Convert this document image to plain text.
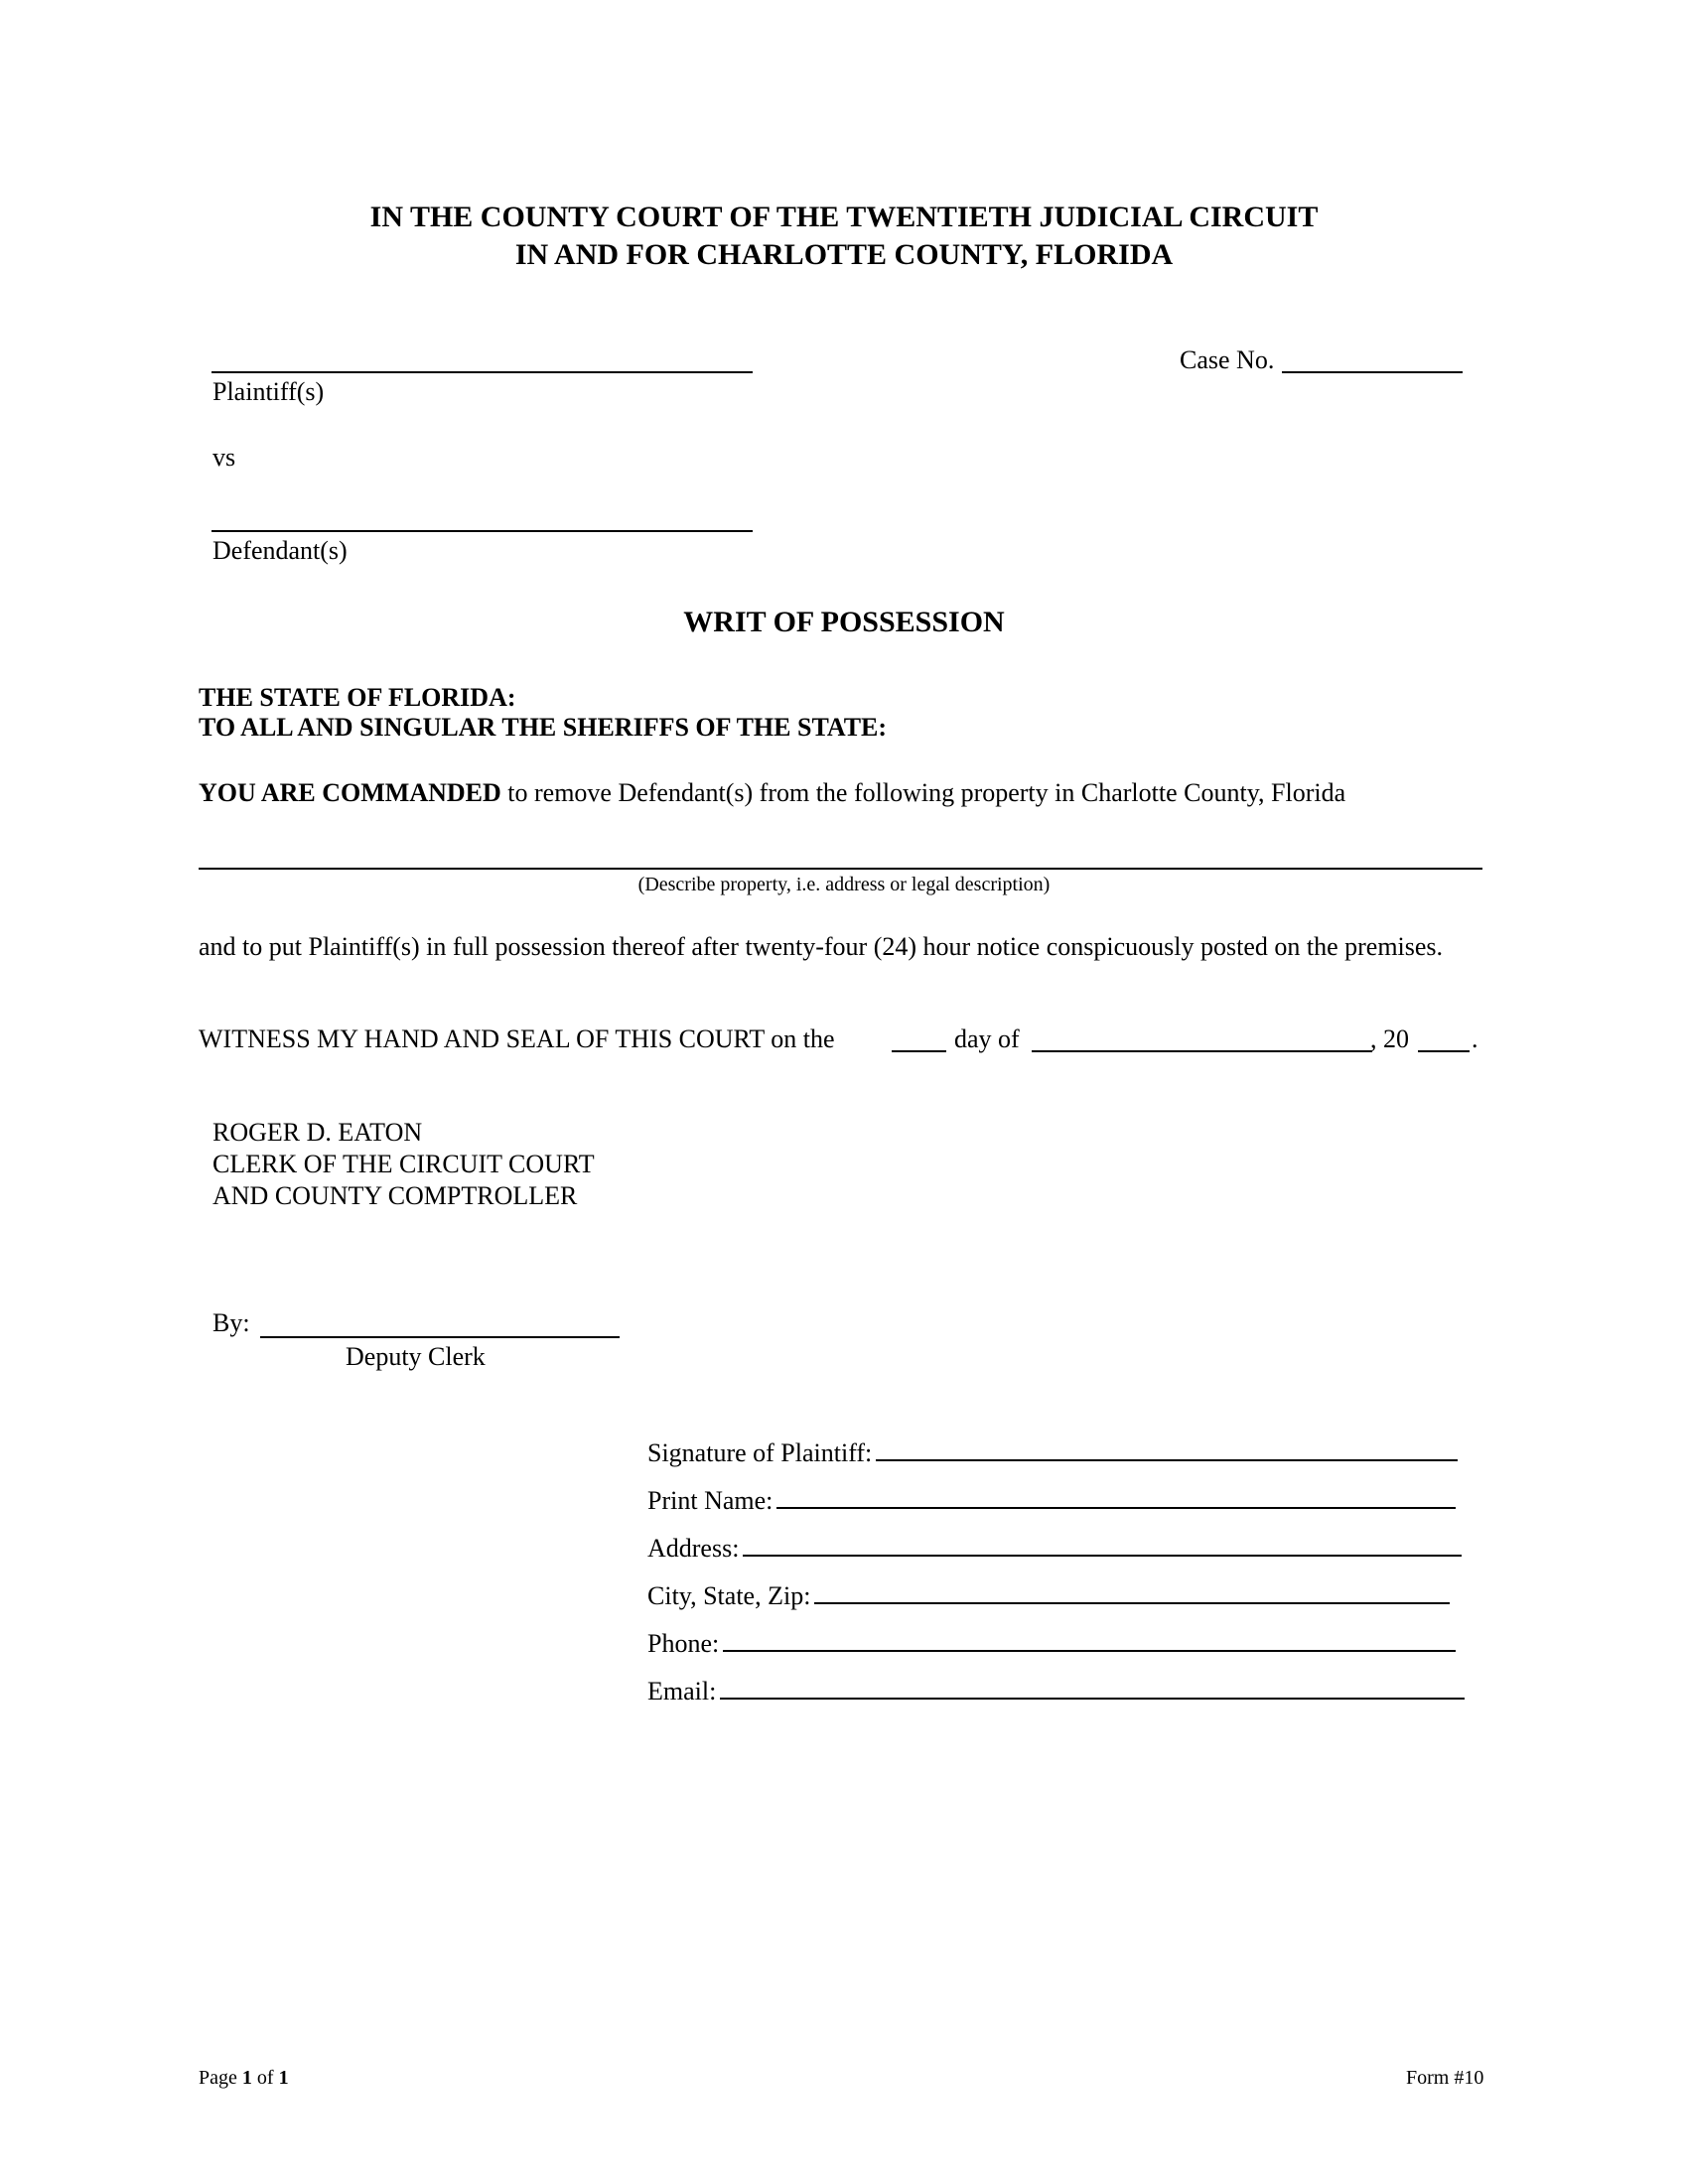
IN THE COUNTY COURT OF THE TWENTIETH JUDICIAL CIRCUIT
IN AND FOR CHARLOTTE COUNTY, FLORIDA
Plaintiff(s)
Case No.
vs
Defendant(s)
WRIT OF POSSESSION
THE STATE OF FLORIDA:
TO ALL AND SINGULAR THE SHERIFFS OF THE STATE:
YOU ARE COMMANDED to remove Defendant(s) from the following property in Charlotte County, Florida
(Describe property, i.e. address or legal description)
and to put Plaintiff(s) in full possession thereof after twenty-four (24) hour notice conspicuously posted on the premises.
WITNESS MY HAND AND SEAL OF THIS COURT on the	day of	, 20 .
ROGER D. EATON
CLERK OF THE CIRCUIT COURT
AND COUNTY COMPTROLLER
By:
Deputy Clerk
Signature of Plaintiff:
Print Name:
Address:
City, State, Zip:
Phone:
Email:
Page 1 of 1	Form #10
